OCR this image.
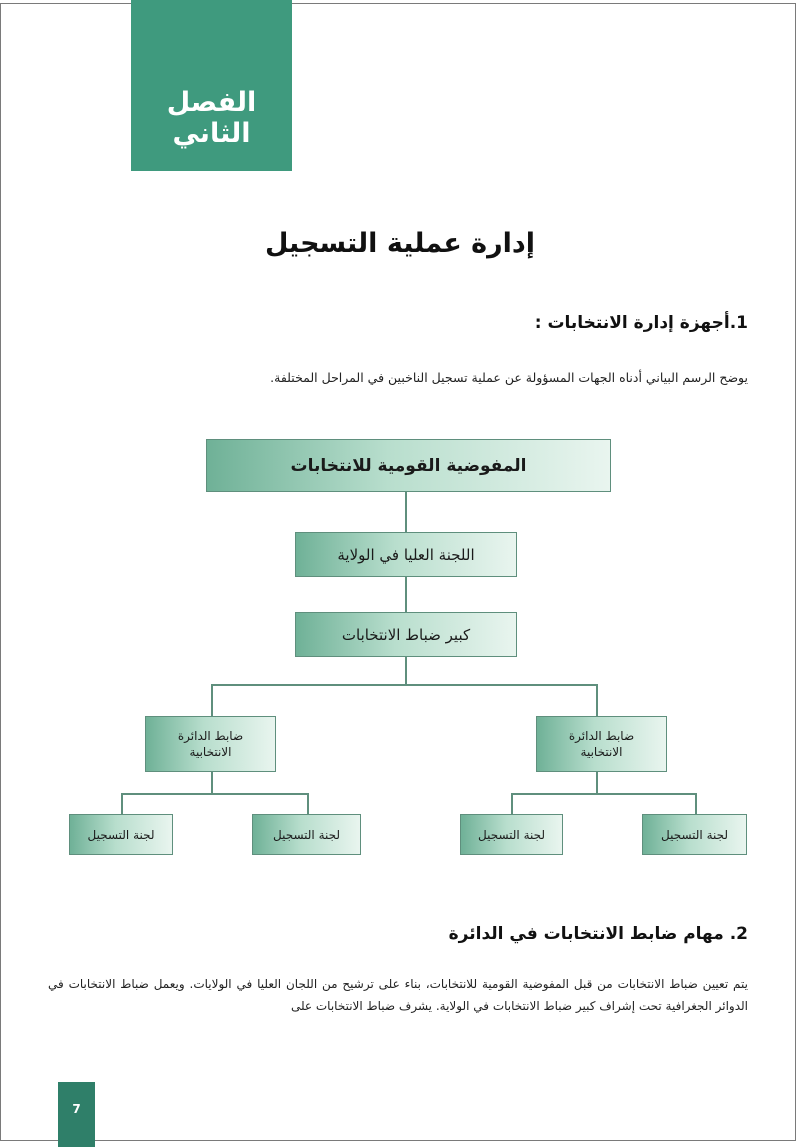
الفصل الثاني
إدارة عملية التسجيل
1.أجهزة إدارة الانتخابات :
يوضح الرسم البياني أدناه الجهات المسؤولة عن عملية تسجيل الناخبين في المراحل المختلفة.
المفوضية القومية للانتخابات
اللجنة العليا في الولاية
كبير ضباط الانتخابات
ضابط الدائرة
الانتخابية
ضابط الدائرة
الانتخابية
لجنة التسجيل	لجنة التسجيل	لجنة التسجيل	لجنة التسجيل
2. مهام ضابط الانتخابات في الدائرة
يتم تعيين ضباط الانتخابات من قبل المفوضية القومية للانتخابات، بناء على ترشيح من اللجان العليا في الولايات. ويعمل ضباط الانتخابات في الدوائر الجغرافية تحت إشراف كبير ضباط الانتخابات في الولاية. يشرف ضباط الانتخابات على
7
